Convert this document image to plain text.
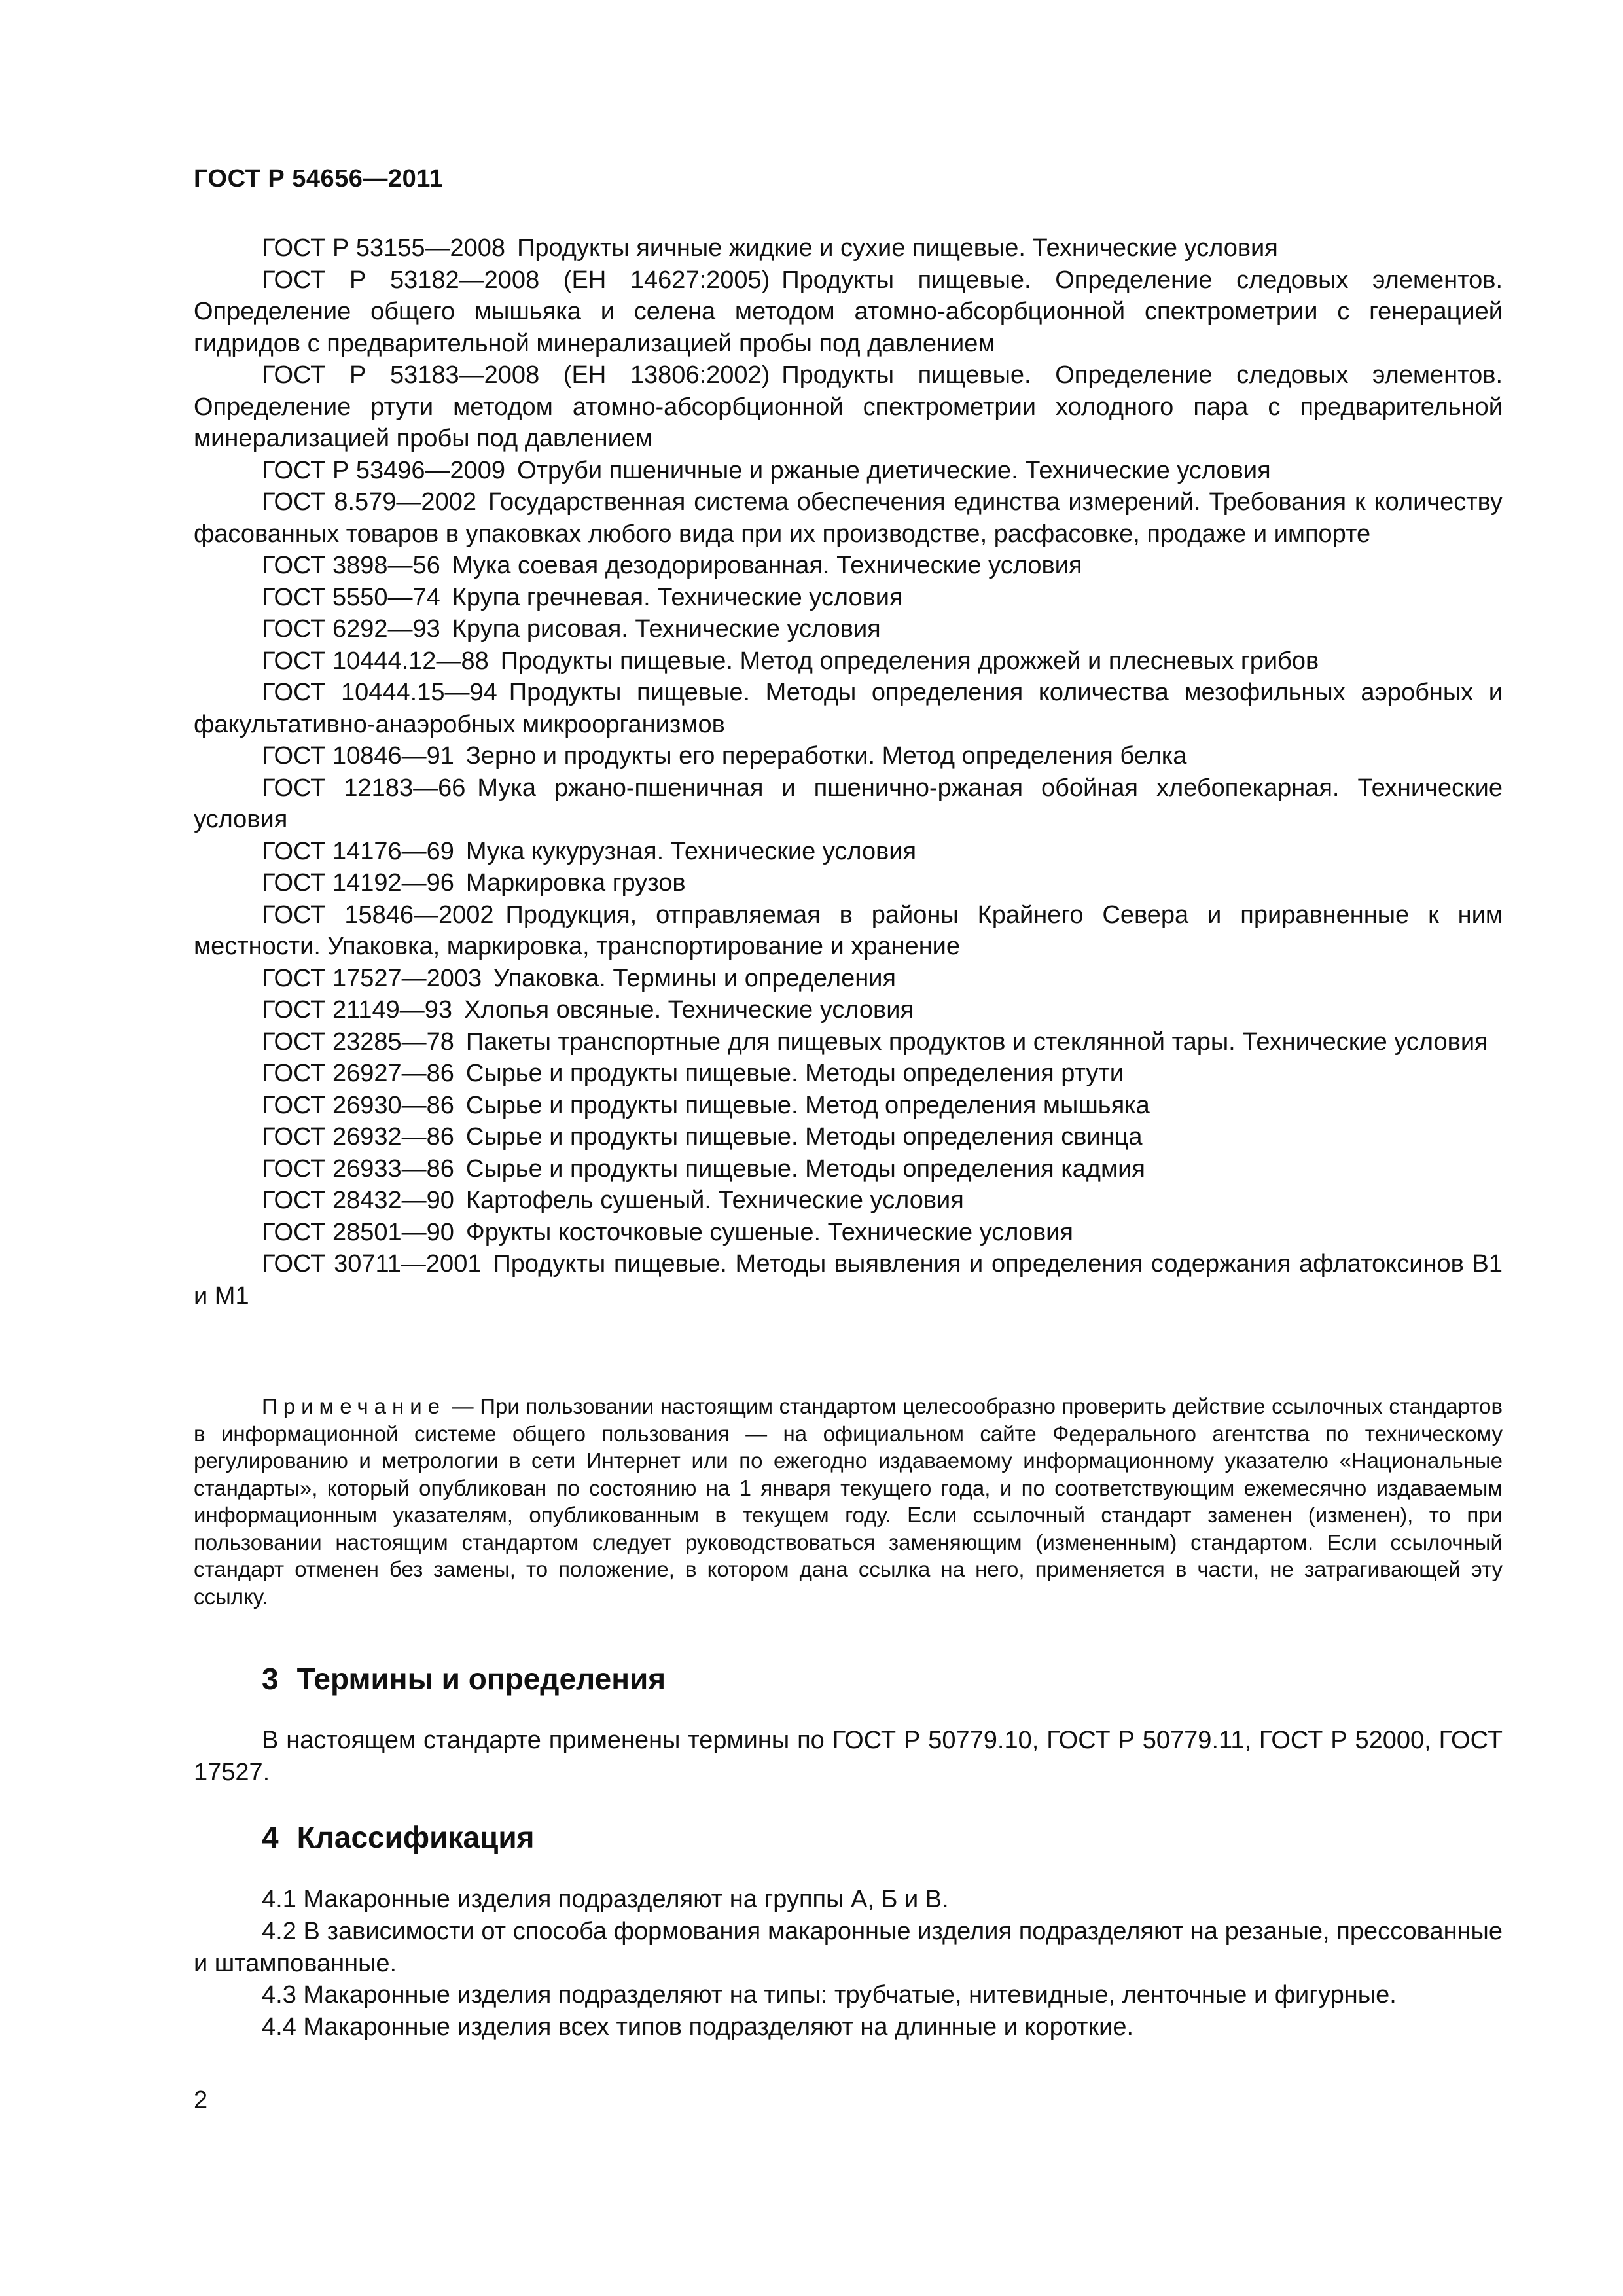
ГОСТ Р 54656—2011

ГОСТ Р 53155—2008 Продукты яичные жидкие и сухие пищевые. Технические условия

ГОСТ Р 53182—2008 (ЕН 14627:2005) Продукты пищевые. Определение следовых элементов. Определение общего мышьяка и селена методом атомно-абсорбционной спектрометрии с генерацией гидридов с предварительной минерализацией пробы под давлением

ГОСТ Р 53183—2008 (ЕН 13806:2002) Продукты пищевые. Определение следовых элементов. Определение ртути методом атомно-абсорбционной спектрометрии холодного пара с предварительной минерализацией пробы под давлением

ГОСТ Р 53496—2009 Отруби пшеничные и ржаные диетические. Технические условия

ГОСТ 8.579—2002 Государственная система обеспечения единства измерений. Требования к количеству фасованных товаров в упаковках любого вида при их производстве, расфасовке, продаже и импорте

ГОСТ 3898—56 Мука соевая дезодорированная. Технические условия

ГОСТ 5550—74 Крупа гречневая. Технические условия

ГОСТ 6292—93 Крупа рисовая. Технические условия

ГОСТ 10444.12—88 Продукты пищевые. Метод определения дрожжей и плесневых грибов

ГОСТ 10444.15—94 Продукты пищевые. Методы определения количества мезофильных аэробных и факультативно-анаэробных микроорганизмов

ГОСТ 10846—91 Зерно и продукты его переработки. Метод определения белка

ГОСТ 12183—66 Мука ржано-пшеничная и пшенично-ржаная обойная хлебопекарная. Технические условия

ГОСТ 14176—69 Мука кукурузная. Технические условия

ГОСТ 14192—96 Маркировка грузов

ГОСТ 15846—2002 Продукция, отправляемая в районы Крайнего Севера и приравненные к ним местности. Упаковка, маркировка, транспортирование и хранение

ГОСТ 17527—2003 Упаковка. Термины и определения

ГОСТ 21149—93 Хлопья овсяные. Технические условия

ГОСТ 23285—78 Пакеты транспортные для пищевых продуктов и стеклянной тары. Технические условия

ГОСТ 26927—86 Сырье и продукты пищевые. Методы определения ртути

ГОСТ 26930—86 Сырье и продукты пищевые. Метод определения мышьяка

ГОСТ 26932—86 Сырье и продукты пищевые. Методы определения свинца

ГОСТ 26933—86 Сырье и продукты пищевые. Методы определения кадмия

ГОСТ 28432—90 Картофель сушеный. Технические условия

ГОСТ 28501—90 Фрукты косточковые сушеные. Технические условия

ГОСТ 30711—2001 Продукты пищевые. Методы выявления и определения содержания афлатоксинов В1 и М1

Примечание — При пользовании настоящим стандартом целесообразно проверить действие ссылочных стандартов в информационной системе общего пользования — на официальном сайте Федерального агентства по техническому регулированию и метрологии в сети Интернет или по ежегодно издаваемому информационному указателю «Национальные стандарты», который опубликован по состоянию на 1 января текущего года, и по соответствующим ежемесячно издаваемым информационным указателям, опубликованным в текущем году. Если ссылочный стандарт заменен (изменен), то при пользовании настоящим стандартом следует руководствоваться заменяющим (измененным) стандартом. Если ссылочный стандарт отменен без замены, то положение, в котором дана ссылка на него, применяется в части, не затрагивающей эту ссылку.

3 Термины и определения

В настоящем стандарте применены термины по ГОСТ Р 50779.10, ГОСТ Р 50779.11, ГОСТ Р 52000, ГОСТ 17527.

4 Классификация

4.1 Макаронные изделия подразделяют на группы А, Б и В.

4.2 В зависимости от способа формования макаронные изделия подразделяют на резаные, прессованные и штампованные.

4.3 Макаронные изделия подразделяют на типы: трубчатые, нитевидные, ленточные и фигурные.

4.4 Макаронные изделия всех типов подразделяют на длинные и короткие.

2
